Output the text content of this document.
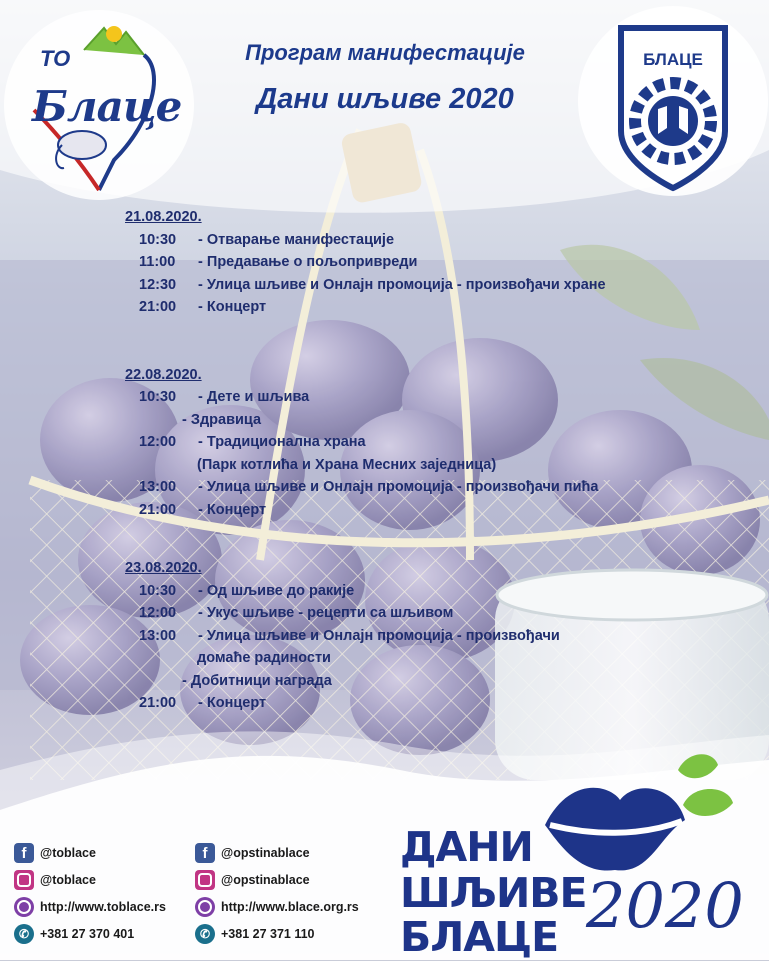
ТО
Блаце
БЛАЦЕ
Програм манифестације
Дани шљиве 2020
21.08.2020.
10:30 - Отварање манифестације
11:00 - Предавање о пољопривреди
12:30 - Улица шљиве и Онлајн промоција - произвођачи хране
21:00 - Концерт
22.08.2020.
10:30 - Дете и шљива
- Здравица
12:00 - Традиционална храна
(Парк котлића и Храна Месних заједница)
13:00 - Улица шљиве и Онлајн промоција - произвођачи пића
21:00 - Концерт
23.08.2020.
10:30 - Од шљиве до ракије
12:00 - Укус шљиве - рецепти са шљивом
13:00 - Улица шљиве и Онлајн промоција - произвођачи
домаће радиности
- Добитници награда
21:00 - Концерт
f	@toblace
@toblace
http://www.toblace.rs
✆ +381 27 370 401
f	@opstinablace
@opstinablace
http://www.blace.org.rs
✆ +381 27 371 110
ДАНИ
ШЉИВЕ
БЛАЦЕ 2020
